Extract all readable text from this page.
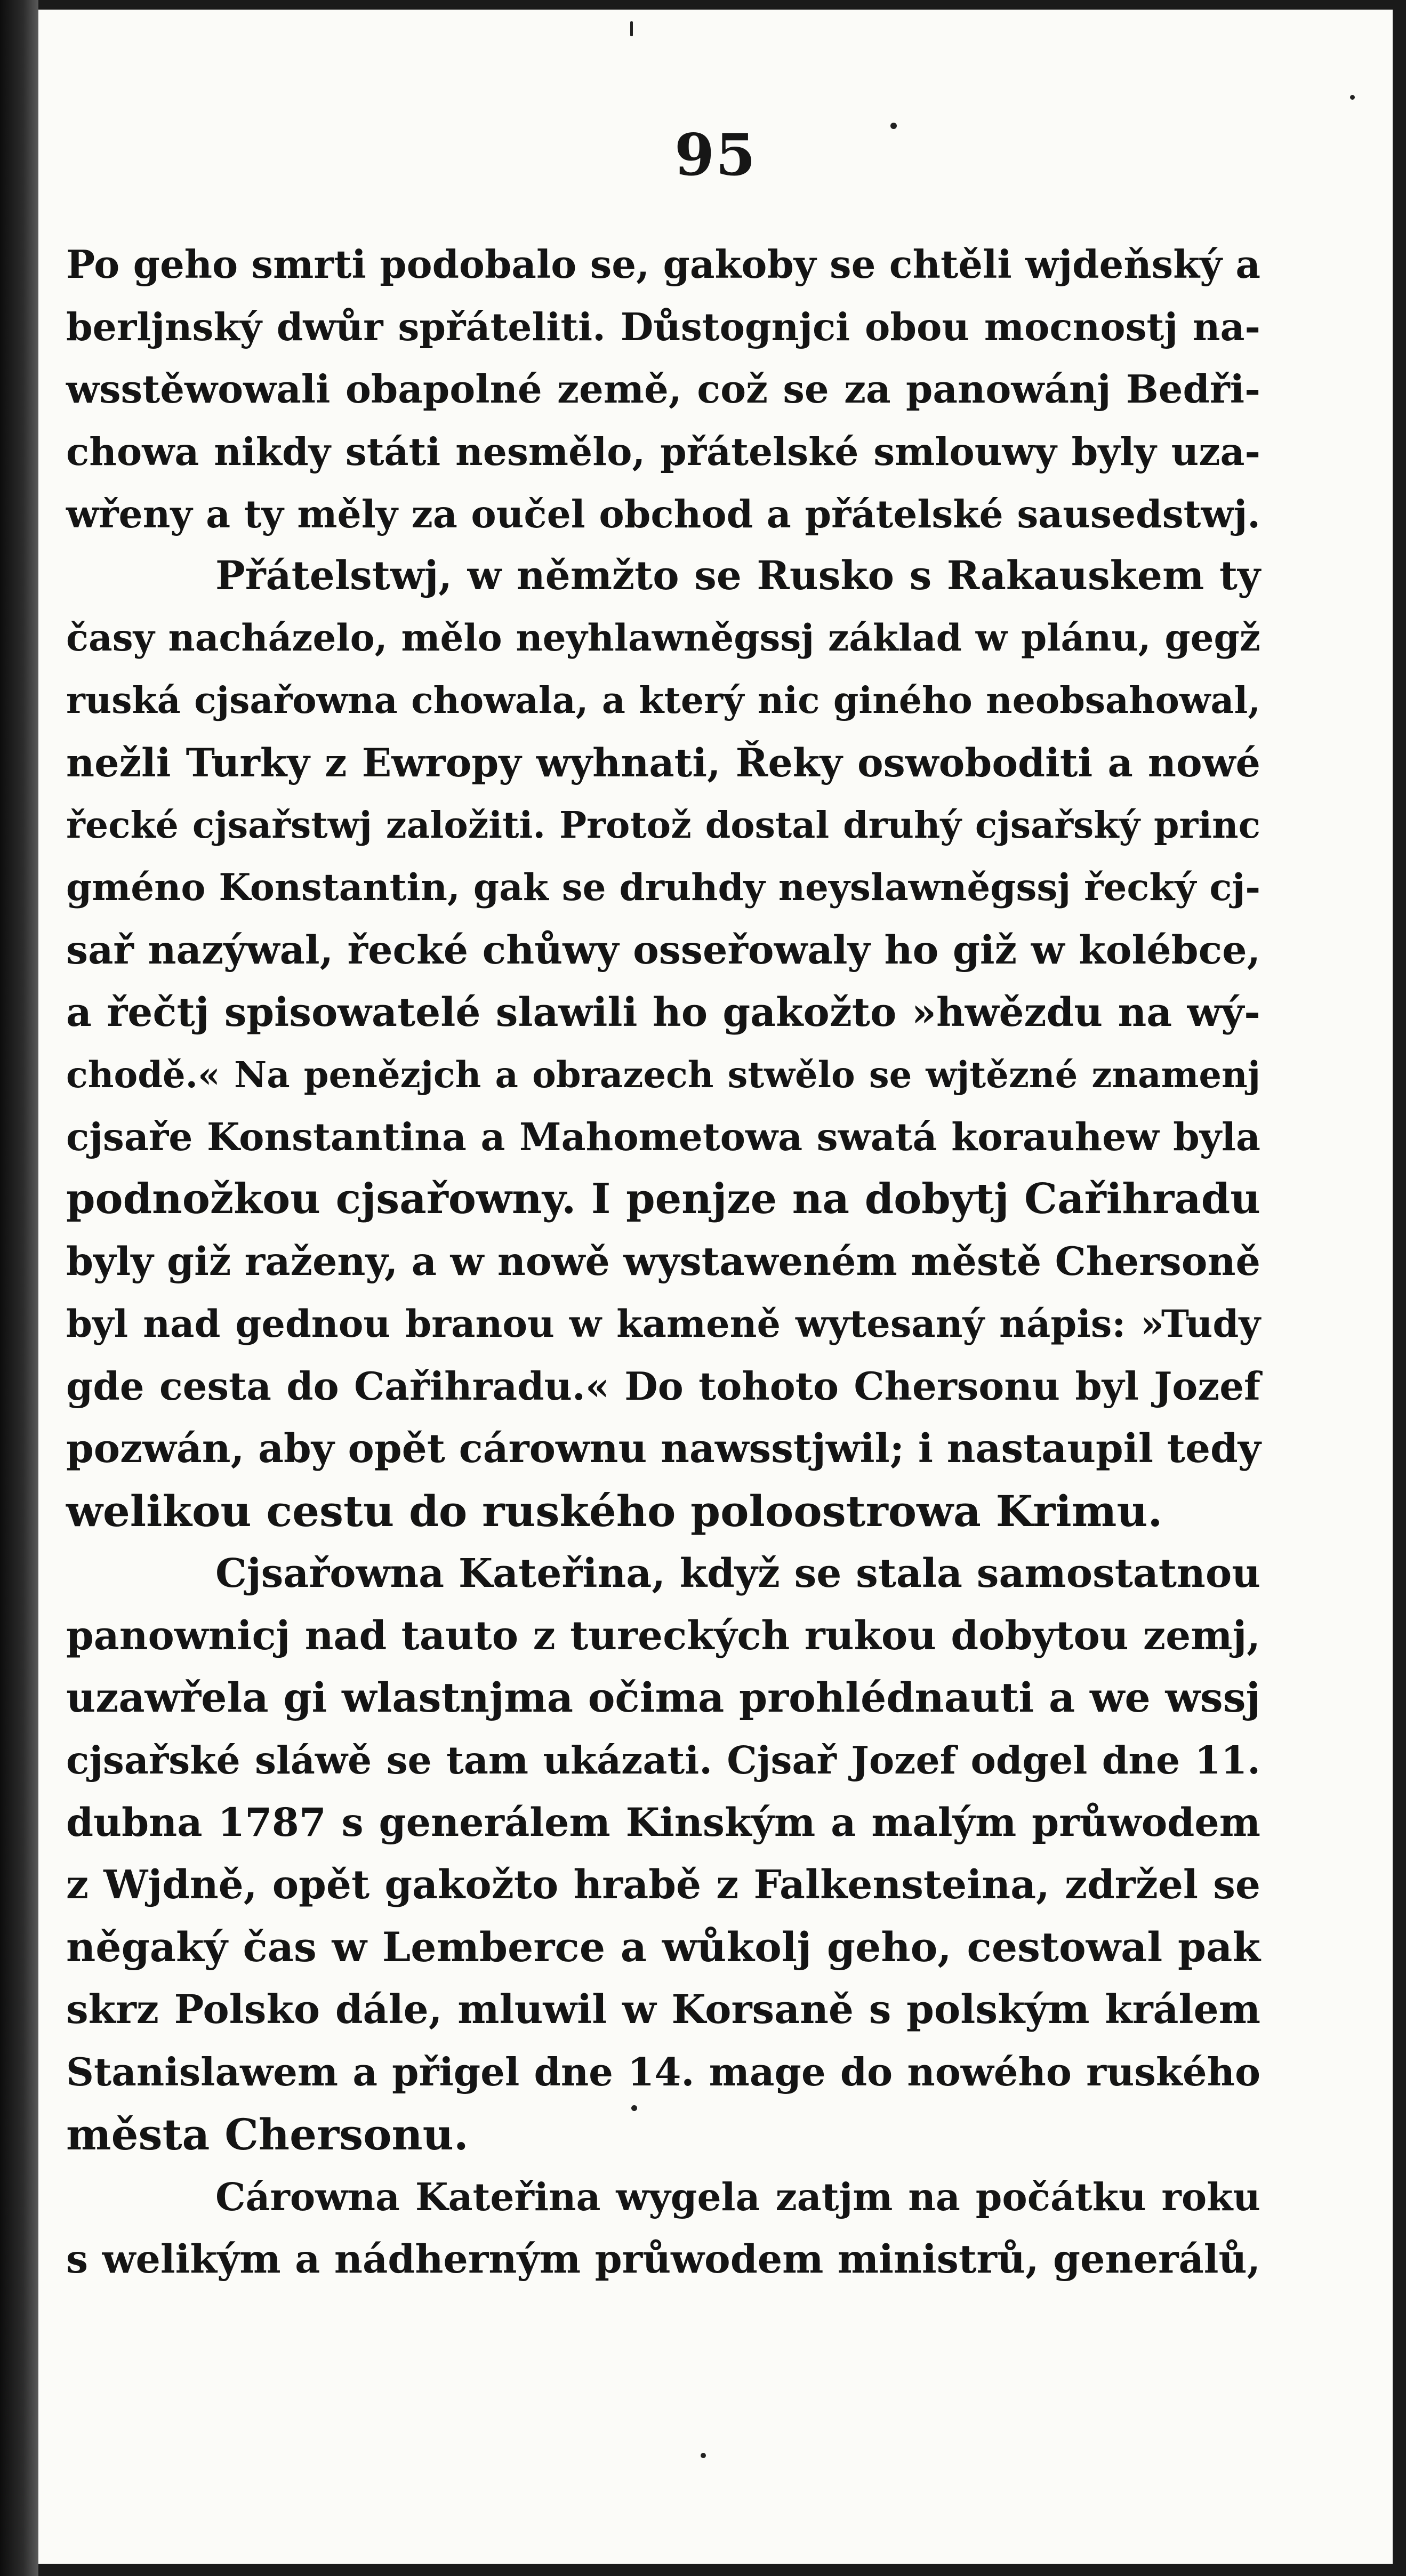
95
Po geho smrti podobalo se, gakoby se chtěli wjdeňský a
berljnský dwůr spřáteliti. Důstognjci obou mocnostj na-
wsstěwowali obapolné země, což se za panowánj Bedři-
chowa nikdy státi nesmělo, přátelské smlouwy byly uza-
wřeny a ty měly za oučel obchod a přátelské sausedstwj.
Přátelstwj, w němžto se Rusko s Rakauskem ty
časy nacházelo, mělo neyhlawněgssj základ w plánu, gegž
ruská cjsařowna chowala, a který nic giného neobsahowal,
nežli Turky z Ewropy wyhnati, Řeky oswoboditi a nowé
řecké cjsařstwj založiti. Protož dostal druhý cjsařský princ
gméno Konstantin, gak se druhdy neyslawněgssj řecký cj-
sař nazýwal, řecké chůwy osseřowaly ho giž w kolébce,
a řečtj spisowatelé slawili ho gakožto »hwězdu na wý-
chodě.« Na penězjch a obrazech stwělo se wjtězné znamenj
cjsaře Konstantina a Mahometowa swatá korauhew byla
podnožkou cjsařowny. I penjze na dobytj Cařihradu
byly giž raženy, a w nowě wystaweném městě Chersoně
byl nad gednou branou w kameně wytesaný nápis: »Tudy
gde cesta do Cařihradu.« Do tohoto Chersonu byl Jozef
pozwán, aby opět cárownu nawsstjwil; i nastaupil tedy
welikou cestu do ruského poloostrowa Krimu.
Cjsařowna Kateřina, když se stala samostatnou
panownicj nad tauto z tureckých rukou dobytou zemj,
uzawřela gi wlastnjma očima prohlédnauti a we wssj
cjsařské sláwě se tam ukázati. Cjsař Jozef odgel dne 11.
dubna 1787 s generálem Kinským a malým průwodem
z Wjdně, opět gakožto hrabě z Falkensteina, zdržel se
něgaký čas w Lemberce a wůkolj geho, cestowal pak
skrz Polsko dále, mluwil w Korsaně s polským králem
Stanislawem a přigel dne 14. mage do nowého ruského
města Chersonu.
Cárowna Kateřina wygela zatjm na počátku roku
s welikým a nádherným průwodem ministrů, generálů,
